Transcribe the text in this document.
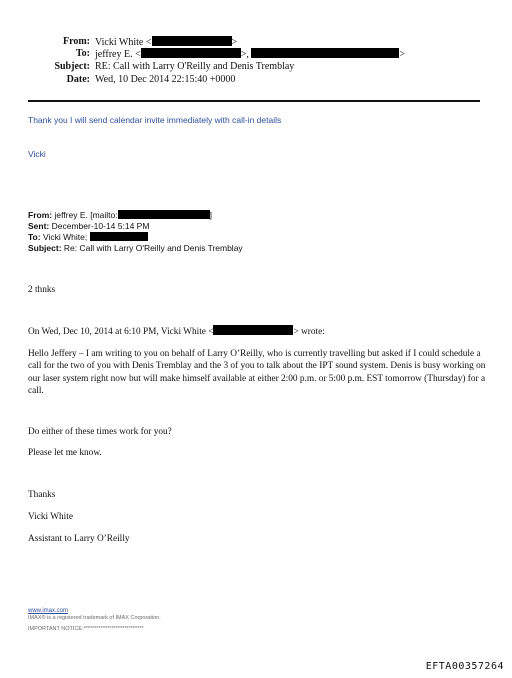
From: Vicki White <	>
To: jeffrey E. <	>,	>
Subject: RE: Call with Larry O'Reilly and Denis Tremblay
Date: Wed, 10 Dec 2014 22:15:40 +0000
Thank you I will send calendar invite immediately with call-in details
Vicki
From: jeffrey E. [mailto:	]
Sent: December-10-14 5:14 PM
To: Vicki White;
Subject: Re: Call with Larry O'Reilly and Denis Tremblay
2 thnks
On Wed, Dec 10, 2014 at 6:10 PM, Vicki White <	> wrote:
Hello Jeffery – I am writing to you on behalf of Larry O’Reilly, who is currently travelling but asked if I could schedule a call for the two of you with Denis Tremblay and the 3 of you to talk about the IPT sound system. Denis is busy working on our laser system right now but will make himself available at either 2:00 p.m. or 5:00 p.m. EST tomorrow (Thursday) for a call.
Do either of these times work for you?
Please let me know.
Thanks
Vicki White
Assistant to Larry O’Reilly
www.imax.com
IMAX® is a registered trademark of IMAX Corporation.
IMPORTANT NOTICE:****************************
EFTA00357264
